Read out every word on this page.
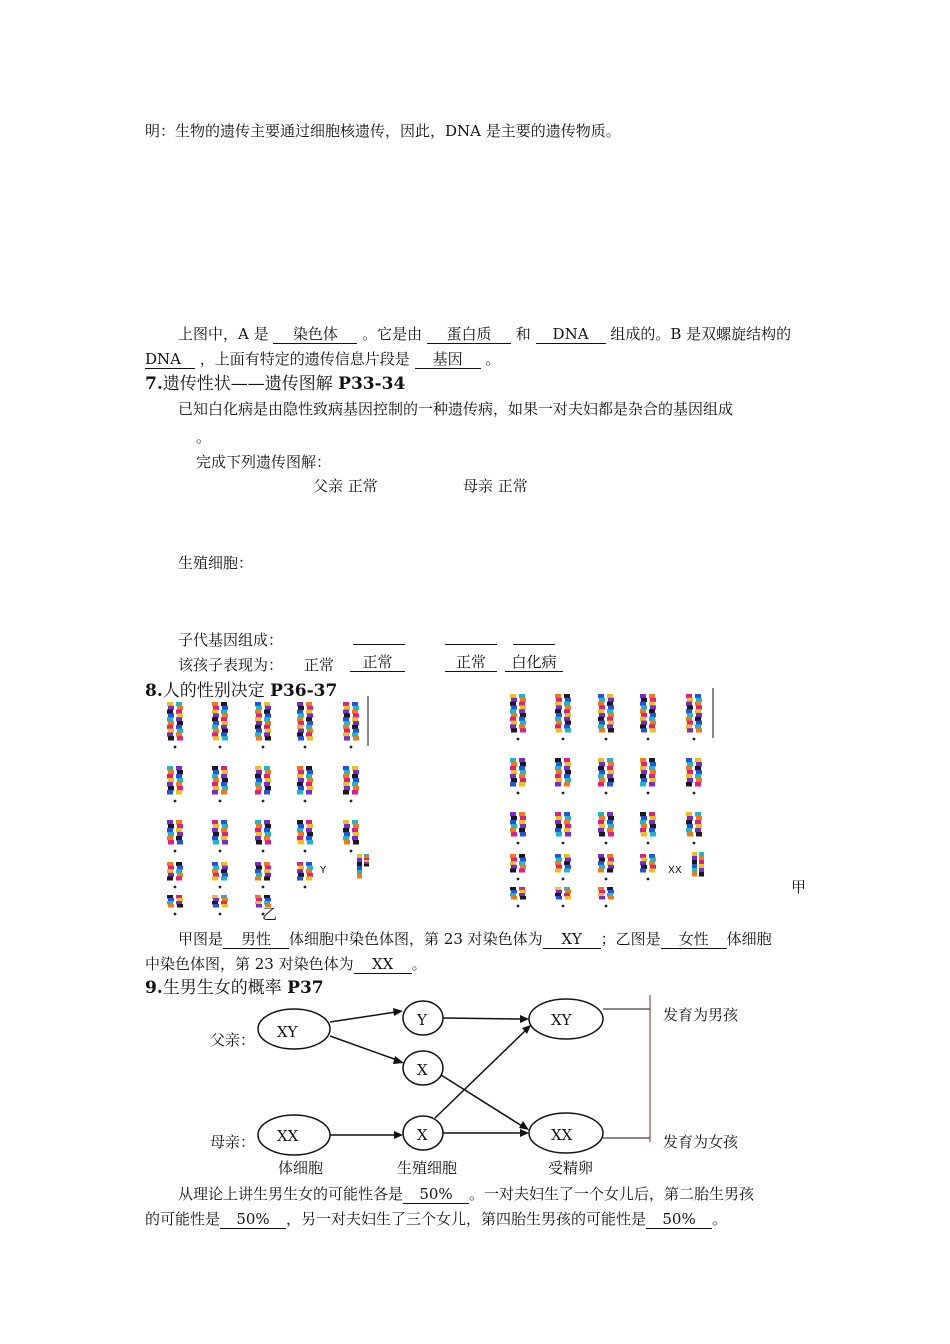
明：生物的遗传主要通过细胞核遗传，因此，DNA 是主要的遗传物质。
上图中，A 是 染色体 。它是由 蛋白质 和 DNA 组成的。B 是双螺旋结构的
DNA ，上面有特定的遗传信息片段是 基因 。
7.遗传性状——遗传图解 P33-34
已知白化病是由隐性致病基因控制的一种遗传病，如果一对夫妇都是杂合的基因组成
。
完成下列遗传图解：
父亲 正常	母亲 正常
生殖细胞：
子代基因组成：
该孩子表现为： 正常	正常	正常	白化病
8.人的性别决定 P36-37
Y	XX
乙
甲
甲图是 男性 体细胞中染色体图，第 23 对染色体为 XY ；乙图是 女性 体细胞
中染色体图，第 23 对染色体为 XX 。
9.生男生女的概率 P37
父亲：
母亲：
XY
XX
Y
X
X
XY
XX
发育为男孩
发育为女孩
体细胞	生殖细胞	受精卵
从理论上讲生男生女的可能性各是 50% 。一对夫妇生了一个女儿后，第二胎生男孩
的可能性是 50% ，另一对夫妇生了三个女儿，第四胎生男孩的可能性是 50% 。
